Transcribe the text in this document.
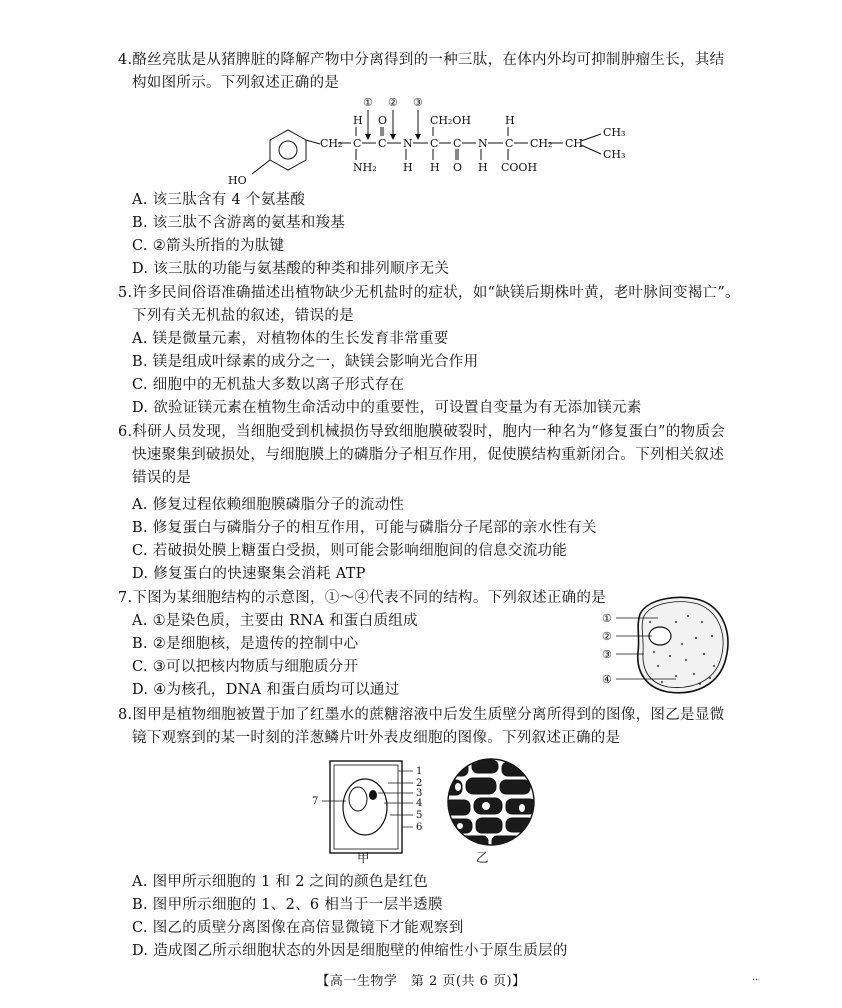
4.酪丝亮肽是从猪脾脏的降解产物中分离得到的一种三肽，在体内外均可抑制肿瘤生长，其结
构如图所示。下列叙述正确的是
① ② ③
H O	CH₂OH	H
CH₂ C C N C C N C CH₂ CH
CH₃
CH₃
NH₂ H H O H COOH
HO
A. 该三肽含有 4 个氨基酸
B. 该三肽不含游离的氨基和羧基
C. ②箭头所指的为肽键
D. 该三肽的功能与氨基酸的种类和排列顺序无关
5.许多民间俗语准确描述出植物缺少无机盐时的症状，如“缺镁后期株叶黄，老叶脉间变褐亡”。
下列有关无机盐的叙述，错误的是
A. 镁是微量元素，对植物体的生长发育非常重要
B. 镁是组成叶绿素的成分之一，缺镁会影响光合作用
C. 细胞中的无机盐大多数以离子形式存在
D. 欲验证镁元素在植物生命活动中的重要性，可设置自变量为有无添加镁元素
6.科研人员发现，当细胞受到机械损伤导致细胞膜破裂时，胞内一种名为“修复蛋白”的物质会
快速聚集到破损处，与细胞膜上的磷脂分子相互作用，促使膜结构重新闭合。下列相关叙述
错误的是
A. 修复过程依赖细胞膜磷脂分子的流动性
B. 修复蛋白与磷脂分子的相互作用，可能与磷脂分子尾部的亲水性有关
C. 若破损处膜上糖蛋白受损，则可能会影响细胞间的信息交流功能
D. 修复蛋白的快速聚集会消耗 ATP
7.下图为某细胞结构的示意图，①～④代表不同的结构。下列叙述正确的是
A. ①是染色质，主要由 RNA 和蛋白质组成
B. ②是细胞核，是遗传的控制中心
C. ③可以把核内物质与细胞质分开
D. ④为核孔，DNA 和蛋白质均可以通过
①
②
③
④
8.图甲是植物细胞被置于加了红墨水的蔗糖溶液中后发生质壁分离所得到的图像，图乙是显微
镜下观察到的某一时刻的洋葱鳞片叶外表皮细胞的图像。下列叙述正确的是
1
2
3
4
5
6
7
甲	乙
A. 图甲所示细胞的 1 和 2 之间的颜色是红色
B. 图甲所示细胞的 1、2、6 相当于一层半透膜
C. 图乙的质壁分离图像在高倍显微镜下才能观察到
D. 造成图乙所示细胞状态的外因是细胞壁的伸缩性小于原生质层的
【高一生物学　第 2 页(共 6 页)】	··
